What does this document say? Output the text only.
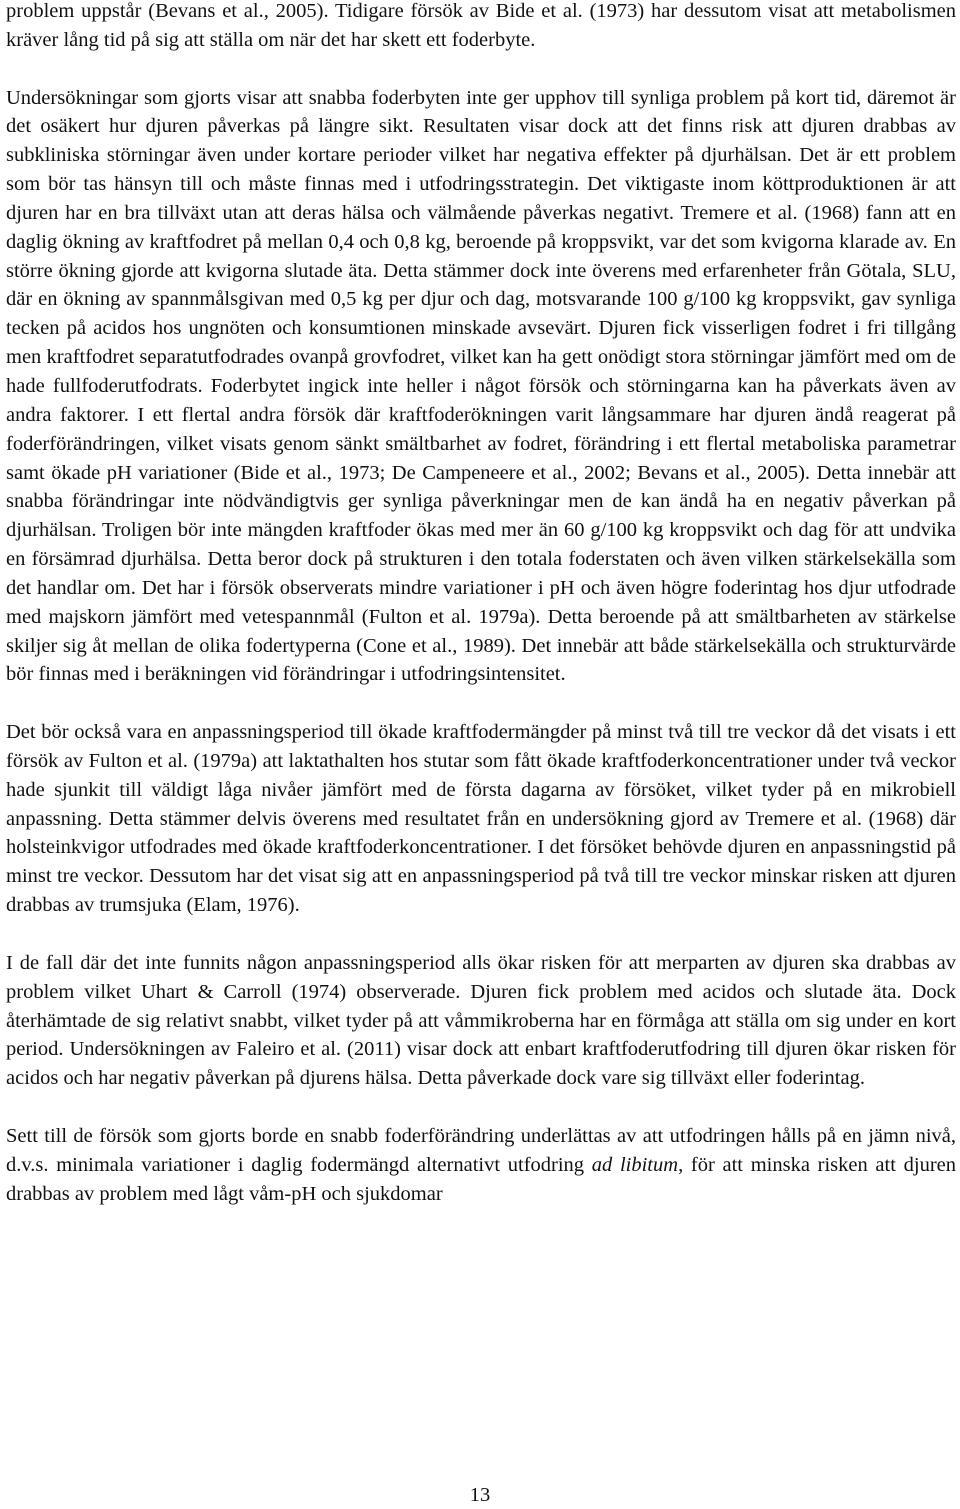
problem uppstår (Bevans et al., 2005). Tidigare försök av Bide et al. (1973) har dessutom visat att metabolismen kräver lång tid på sig att ställa om när det har skett ett foderbyte.

Undersökningar som gjorts visar att snabba foderbyten inte ger upphov till synliga problem på kort tid, däremot är det osäkert hur djuren påverkas på längre sikt. Resultaten visar dock att det finns risk att djuren drabbas av subkliniska störningar även under kortare perioder vilket har negativa effekter på djurhälsan. Det är ett problem som bör tas hänsyn till och måste finnas med i utfodringsstrategin. Det viktigaste inom köttproduktionen är att djuren har en bra tillväxt utan att deras hälsa och välmående påverkas negativt. Tremere et al. (1968) fann att en daglig ökning av kraftfodret på mellan 0,4 och 0,8 kg, beroende på kroppsvikt, var det som kvigorna klarade av. En större ökning gjorde att kvigorna slutade äta. Detta stämmer dock inte överens med erfarenheter från Götala, SLU, där en ökning av spannmålsgivan med 0,5 kg per djur och dag, motsvarande 100 g/100 kg kroppsvikt, gav synliga tecken på acidos hos ungnöten och konsumtionen minskade avsevärt. Djuren fick visserligen fodret i fri tillgång men kraftfodret separatutfodrades ovanpå grovfodret, vilket kan ha gett onödigt stora störningar jämfört med om de hade fullfoderutfodrats. Foderbytet ingick inte heller i något försök och störningarna kan ha påverkats även av andra faktorer. I ett flertal andra försök där kraftfoderökningen varit långsammare har djuren ändå reagerat på foderförändringen, vilket visats genom sänkt smältbarhet av fodret, förändring i ett flertal metaboliska parametrar samt ökade pH variationer (Bide et al., 1973; De Campeneere et al., 2002; Bevans et al., 2005). Detta innebär att snabba förändringar inte nödvändigtvis ger synliga påverkningar men de kan ändå ha en negativ påverkan på djurhälsan. Troligen bör inte mängden kraftfoder ökas med mer än 60 g/100 kg kroppsvikt och dag för att undvika en försämrad djurhälsa. Detta beror dock på strukturen i den totala foderstaten och även vilken stärkelsekälla som det handlar om. Det har i försök observerats mindre variationer i pH och även högre foderintag hos djur utfodrade med majskorn jämfört med vetespannmål (Fulton et al. 1979a). Detta beroende på att smältbarheten av stärkelse skiljer sig åt mellan de olika fodertyperna (Cone et al., 1989). Det innebär att både stärkelsekälla och strukturvärde bör finnas med i beräkningen vid förändringar i utfodringsintensitet.

Det bör också vara en anpassningsperiod till ökade kraftfodermängder på minst två till tre veckor då det visats i ett försök av Fulton et al. (1979a) att laktathalten hos stutar som fått ökade kraftfoderkoncentrationer under två veckor hade sjunkit till väldigt låga nivåer jämfört med de första dagarna av försöket, vilket tyder på en mikrobiell anpassning. Detta stämmer delvis överens med resultatet från en undersökning gjord av Tremere et al. (1968) där holsteinkvigor utfodrades med ökade kraftfoderkoncentrationer. I det försöket behövde djuren en anpassningstid på minst tre veckor. Dessutom har det visat sig att en anpassningsperiod på två till tre veckor minskar risken att djuren drabbas av trumsjuka (Elam, 1976).

I de fall där det inte funnits någon anpassningsperiod alls ökar risken för att merparten av djuren ska drabbas av problem vilket Uhart & Carroll (1974) observerade. Djuren fick problem med acidos och slutade äta. Dock återhämtade de sig relativt snabbt, vilket tyder på att våmmikroberna har en förmåga att ställa om sig under en kort period. Undersökningen av Faleiro et al. (2011) visar dock att enbart kraftfoderutfodring till djuren ökar risken för acidos och har negativ påverkan på djurens hälsa. Detta påverkade dock vare sig tillväxt eller foderintag.

Sett till de försök som gjorts borde en snabb foderförändring underlättas av att utfodringen hålls på en jämn nivå, d.v.s. minimala variationer i daglig fodermängd alternativt utfodring ad libitum, för att minska risken att djuren drabbas av problem med lågt våm-pH och sjukdomar

13
